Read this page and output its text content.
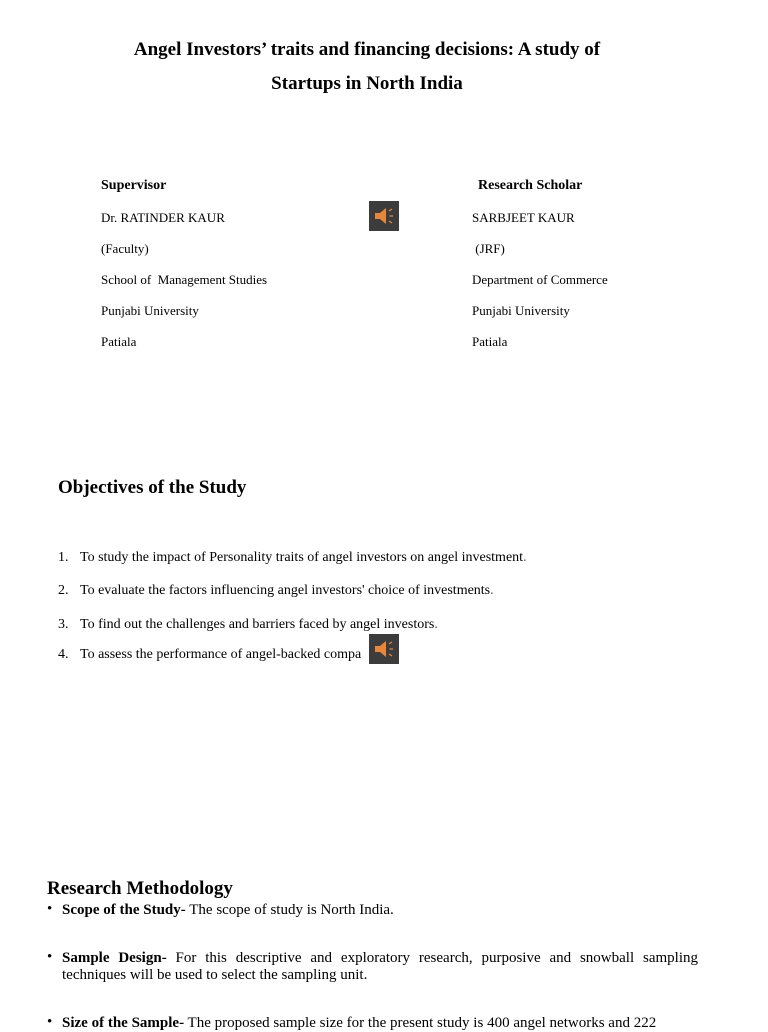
Angel Investors’ traits and financing decisions: A study of
Startups in North India
Supervisor
Dr. RATINDER KAUR
(Faculty)
School of  Management Studies
Punjabi University
Patiala
Research Scholar
SARBJEET KAUR
(JRF)
Department of Commerce
Punjabi University
Patiala
Objectives of the Study
1. To study the impact of Personality traits of angel investors on angel investment.
2. To evaluate the factors influencing angel investors' choice of investments.
3. To find out the challenges and barriers faced by angel investors.
4. To assess the performance of angel-backed compa
Research Methodology
• Scope of the Study- The scope of study is North India.
• Sample Design- For this descriptive and exploratory research, purposive and snowball sampling techniques will be used to select the sampling unit.
• Size of the Sample- The proposed sample size for the present study is 400 angel networks and 222
